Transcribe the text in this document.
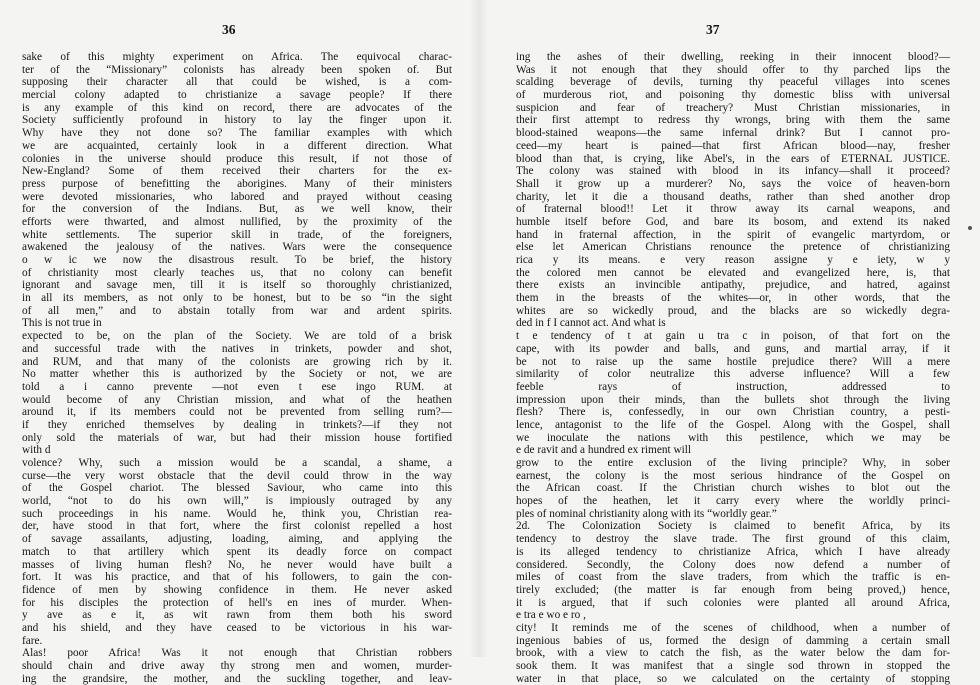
36
sake of this mighty experiment on Africa. The equivocal charac-
ter of the “Missionary” colonists has already been spoken of. But
supposing their character all that could be wished, is a com-
mercial colony adapted to christianize a savage people? If there
is any example of this kind on record, there are advocates of the
Society sufficiently profound in history to lay the finger upon it.
Why have they not done so? The familiar examples with which
we are acquainted, certainly look in a different direction. What
colonies in the universe should produce this result, if not those of
New-England? Some of them received their charters for the ex-
press purpose of benefitting the aborigines. Many of their ministers
were devoted missionaries, who labored and prayed without ceasing
for the conversion of the Indians. But, as we well know, their
efforts were thwarted, and almost nullified, by the proximity of the
white settlements. The superior skill in trade, of the foreigners,
awakened the jealousy of the natives. Wars were the consequence
o w ic we now the disastrous result. To be brief, the history
of christianity most clearly teaches us, that no colony can benefit
ignorant and savage men, till it is itself so thoroughly christianized,
in all its members, as not only to be honest, but to be so “in the sight
of all men,” and to abstain totally from war and ardent spirits.
This is not true in
expected to be, on the plan of the Society. We are told of a brisk
and successful trade with the natives in trinkets, powder and shot,
and RUM, and that many of the colonists are growing rich by it.
No matter whether this is authorized by the Society or not, we are
told a i canno prevente —not even t ese ingo RUM. at
would become of any Christian mission, and what of the heathen
around it, if its members could not be prevented from selling rum?—
if they enriched themselves by dealing in trinkets?—if they not
only sold the materials of war, but had their mission house fortified
with d
volence? Why, such a mission would be a scandal, a shame, a
curse—the very worst obstacle that the devil could throw in the way
of the Gospel chariot. The blessed Saviour, who came into this
world, “not to do his own will,” is impiously outraged by any
such proceedings in his name. Would he, think you, Christian rea-
der, have stood in that fort, where the first colonist repelled a host
of savage assailants, adjusting, loading, aiming, and applying the
match to that artillery which spent its deadly force on compact
masses of living human flesh? No, he never would have built a
fort. It was his practice, and that of his followers, to gain the con-
fidence of men by showing confidence in them. He never asked
for his disciples the protection of hell's en ines of murder. When-
y ave as e it, as wit rawn from them both his sword
and his shield, and they have ceased to be victorious in his war-
fare.
Alas! poor Africa! Was it not enough that Christian robbers
should chain and drive away thy strong men and women, murder-
ing the grandsire, the mother, and the suckling together, and leav-
37
ing the ashes of their dwelling, reeking in their innocent blood?—
Was it not enough that they should offer to thy parched lips the
scalding beverage of devils, turning thy peaceful villages into scenes
of murderous riot, and poisoning thy domestic bliss with universal
suspicion and fear of treachery? Must Christian missionaries, in
their first attempt to redress thy wrongs, bring with them the same
blood-stained weapons—the same infernal drink? But I cannot pro-
ceed—my heart is pained—that first African blood—nay, fresher
blood than that, is crying, like Abel's, in the ears of ETERNAL JUSTICE.
The colony was stained with blood in its infancy—shall it proceed?
Shall it grow up a murderer? No, says the voice of heaven-born
charity, let it die a thousand deaths, rather than shed another drop
of fraternal blood!! Let it throw away its carnal weapons, and
humble itself before God, and bare its bosom, and extend its naked
hand in fraternal affection, in the spirit of evangelic martyrdom, or
else let American Christians renounce the pretence of christianizing
rica y its means. e very reason assigne y e iety, w y
the colored men cannot be elevated and evangelized here, is, that
there exists an invincible antipathy, prejudice, and hatred, against
them in the breasts of the whites—or, in other words, that the
whites are so wickedly proud, and the blacks are so wickedly degra-
ded in f I cannot act. And what is
t e tendency of t at gain u tra c in poison, of that fort on the
cape, with its powder and balls, and guns, and martial array, if it
be not to raise up the same hostile prejudice there? Will a mere
similarity of color neutralize this adverse influence? Will a few
feeble rays of instruction, addressed to
impression upon their minds, than the bullets shot through the living
flesh? There is, confessedly, in our own Christian country, a pesti-
lence, antagonist to the life of the Gospel. Along with the Gospel, shall
we inoculate the nations with this pestilence, which we may be
e de ravit and a hundred ex riment will
grow to the entire exclusion of the living principle? Why, in sober
earnest, the colony is the most serious hindrance of the Gospel on
the African coast. If the Christian church wishes to blot out the
hopes of the heathen, let it carry every where the worldly princi-
ples of nominal christianity along with its “worldly gear.”
2d. The Colonization Society is claimed to benefit Africa, by its
tendency to destroy the slave trade. The first ground of this claim,
is its alleged tendency to christianize Africa, which I have already
considered. Secondly, the Colony does now defend a number of
miles of coast from the slave traders, from which the traffic is en-
tirely excluded; (the matter is far enough from being proved,) hence,
it is argued, that if such colonies were planted all around Africa,
e tra e wo e ro ,
city! It reminds me of the scenes of childhood, when a number of
ingenious babies of us, formed the design of damming a certain small
brook, with a view to catch the fish, as the water below the dam for-
sook them. It was manifest that a single sod thrown in stopped the
water in that place, so we calculated on the certainty of stopping
